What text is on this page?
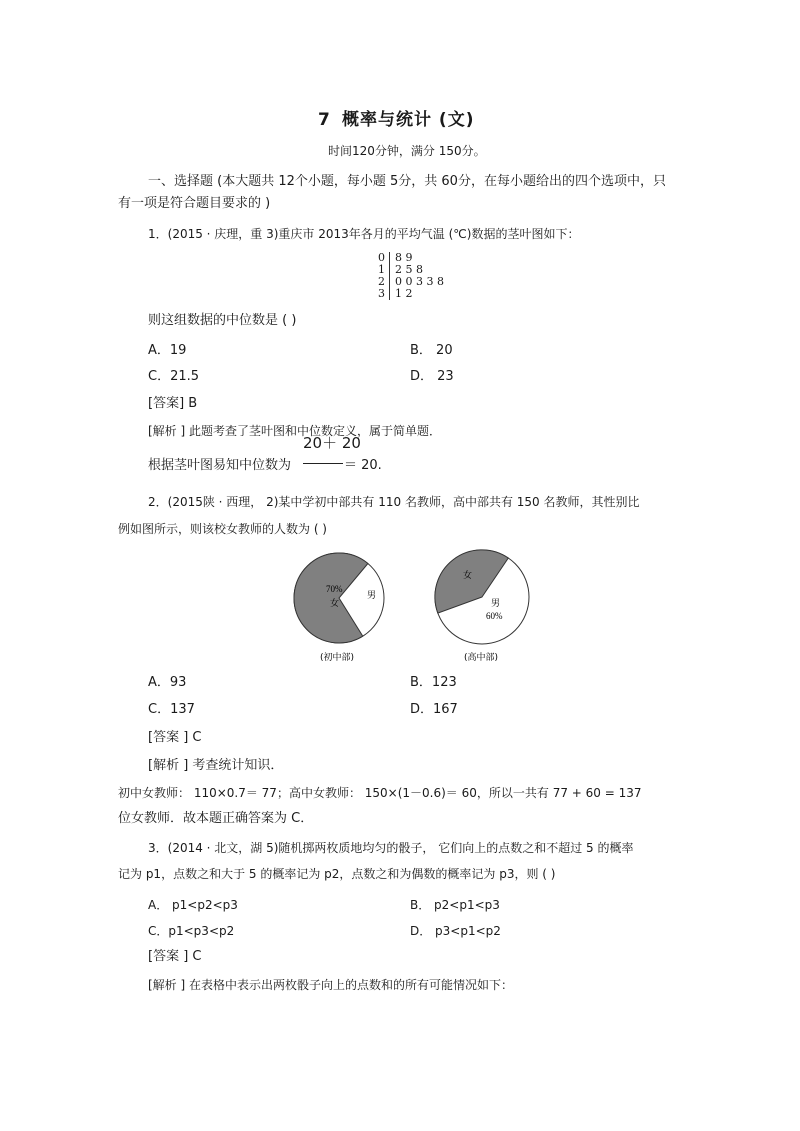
7 概率与统计 (文)
时间120分钟，满分 150分。
一、选择题 (本大题共 12个小题，每小题 5分，共 60分，在每小题给出的四个选项中，只
有一项是符合题目要求的 )
1．(2015 · 庆理，重 3)重庆市 2013年各月的平均气温 (℃)数据的茎叶图如下：
0 8 9
1 2 5 8
2 0 0 3 3 8
3 1 2
则这组数据的中位数是 ( )
A．19	B． 20
C．21.5	D． 23
[答案] B
[解析 ] 此题考查了茎叶图和中位数定义，属于简单题．
20＋ 20
根据茎叶图易知中位数为	＝ 20.
2．(2015陕 · 西理， 2)某中学初中部共有 110 名教师，高中部共有 150 名教师，其性别比
例如图所示，则该校女教师的人数为 ( )
70%
女
男
(初中部)
女
男
60%
(高中部)
A．93	B．123
C．137	D．167
[答案 ] C
[解析 ] 考查统计知识．
初中女教师： 110×0.7＝ 77；高中女教师： 150×(1－0.6)＝ 60，所以一共有 77 + 60 = 137
位女教师．故本题正确答案为 C．
3．(2014 · 北文，湖 5)随机掷两枚质地均匀的骰子， 它们向上的点数之和不超过 5 的概率
记为 p1，点数之和大于 5 的概率记为 p2，点数之和为偶数的概率记为 p3，则 ( )
A． p1<p2<p3	B． p2<p1<p3
C．p1<p3<p2	D． p3<p1<p2
[答案 ] C
[解析 ] 在表格中表示出两枚骰子向上的点数和的所有可能情况如下：
